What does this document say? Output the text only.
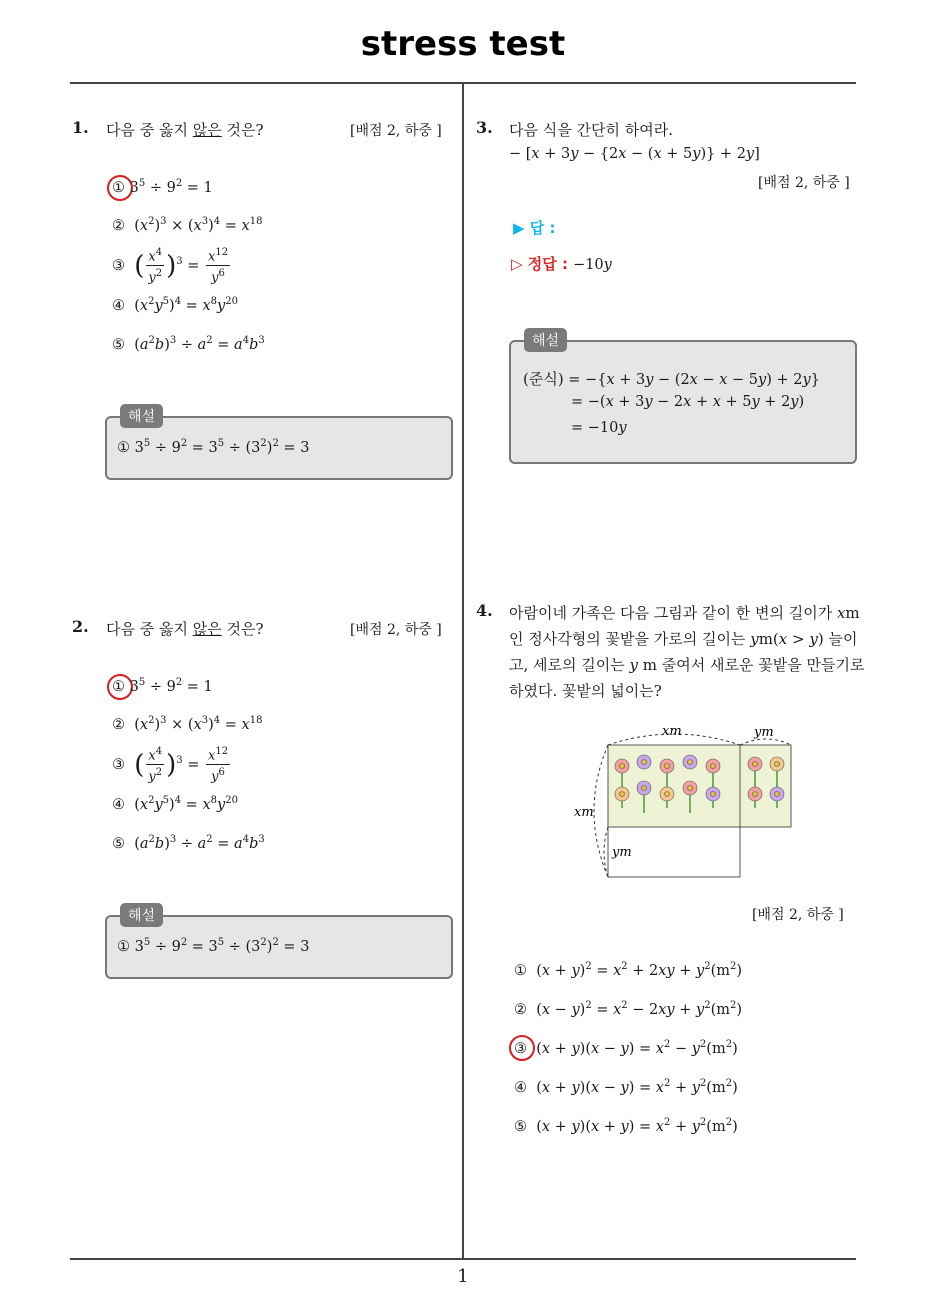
stress test
1
1. 다음 중 옳지 않은 것은?	[배점 2, 하중 ]
① $3^5 \div 9^2 = 1$
②  $(x^2)^3 \times (x^3)^4 = x^{18}$
③ ( $\frac{x^4}{y^2} )^3 = \frac{x^{12}}{y^6}$
④  $(x^2y^5)^4 = x^8y^{20}$
⑤  $(a^2b)^3 \div a^2 = a^4b^3$
해설
① $3^5 \div 9^2 = 3^5 \div (3^2)^2 = 3$
2. 다음 중 옳지 않은 것은?	[배점 2, 하중 ]
① $3^5 \div 9^2 = 1$
②  $(x^2)^3 \times (x^3)^4 = x^{18}$
③ ( $\frac{x^4}{y^2} )^3 = \frac{x^{12}}{y^6}$
④  $(x^2y^5)^4 = x^8y^{20}$
⑤  $(a^2b)^3 \div a^2 = a^4b^3$
해설
① $3^5 \div 9^2 = 3^5 \div (3^2)^2 = 3$
3. 다음 식을 간단히 하여라.
− [x + 3y − {2x − (x + 5y)} + 2y]
[배점 2, 하중 ]
▶ 답 :
▷ 정답 : −10y
해설
(준식) = −{x + 3y − (2x − x − 5y) + 2y}
= −(x + 3y − 2x + x + 5y + 2y)
= −10y
4. 아람이네 가족은 다음 그림과 같이 한 변의 길이가 xm
인 정사각형의 꽃밭을 가로의 길이는 ym(x > y) 늘이
고, 세로의 길이는 y m 줄여서 새로운 꽃밭을 만들기로
하였다. 꽃밭의 넓이는?
xm	ym
xm
ym
[배점 2, 하중 ]
①  $(x + y)^2 = x^2 + 2xy + y^2(m^2)$
②  $(x - y)^2 = x^2 - 2xy + y^2(m^2)$
③  $(x + y)(x - y) = x^2 - y^2(m^2)$
④  $(x + y)(x - y) = x^2 + y^2(m^2)$
⑤  $(x + y)(x + y) = x^2 + y^2(m^2)$
